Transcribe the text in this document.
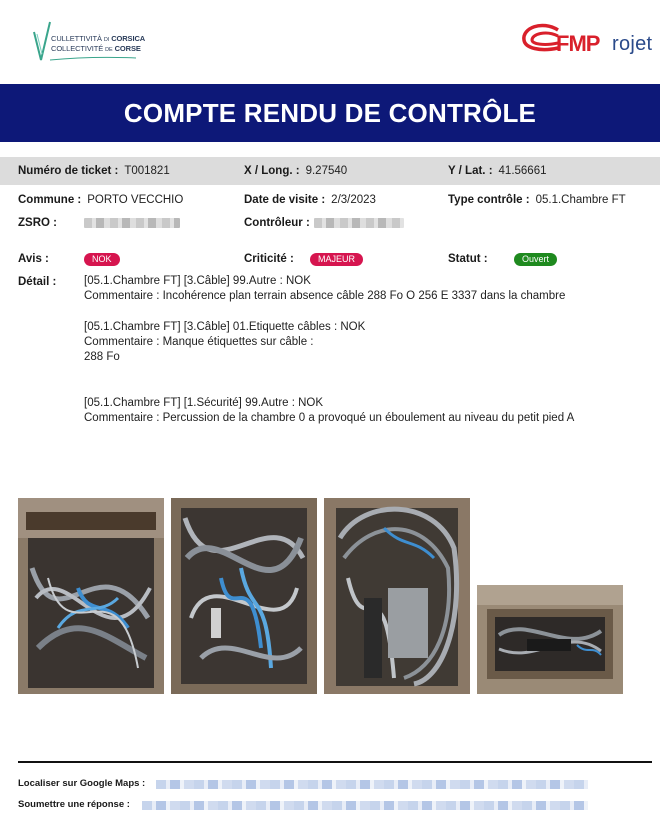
CULLETTIVITÀ DI CORSICA
COLLECTIVITÉ DE CORSE	FMP rojet
COMPTE RENDU DE CONTRÔLE
Numéro de ticket : T001821	X / Long. : 9.27540	Y / Lat. : 41.56661
Commune : PORTO VECCHIO	Date de visite : 2/3/2023	Type contrôle : 05.1.Chambre FT
ZSRO :	Contrôleur :
Avis :	NOK	Criticité :	MAJEUR	Statut :	Ouvert
Détail : [05.1.Chambre FT] [3.Câble] 99.Autre : NOK
Commentaire : Incohérence plan terrain absence câble 288 Fo O 256 E 3337 dans la chambre
[05.1.Chambre FT] [3.Câble] 01.Etiquette câbles : NOK
Commentaire : Manque étiquettes sur câble :
288 Fo
[05.1.Chambre FT] [1.Sécurité] 99.Autre : NOK
Commentaire : Percussion de la chambre 0 a provoqué un éboulement au niveau du petit pied A
Localiser sur Google Maps :
Soumettre une réponse :
